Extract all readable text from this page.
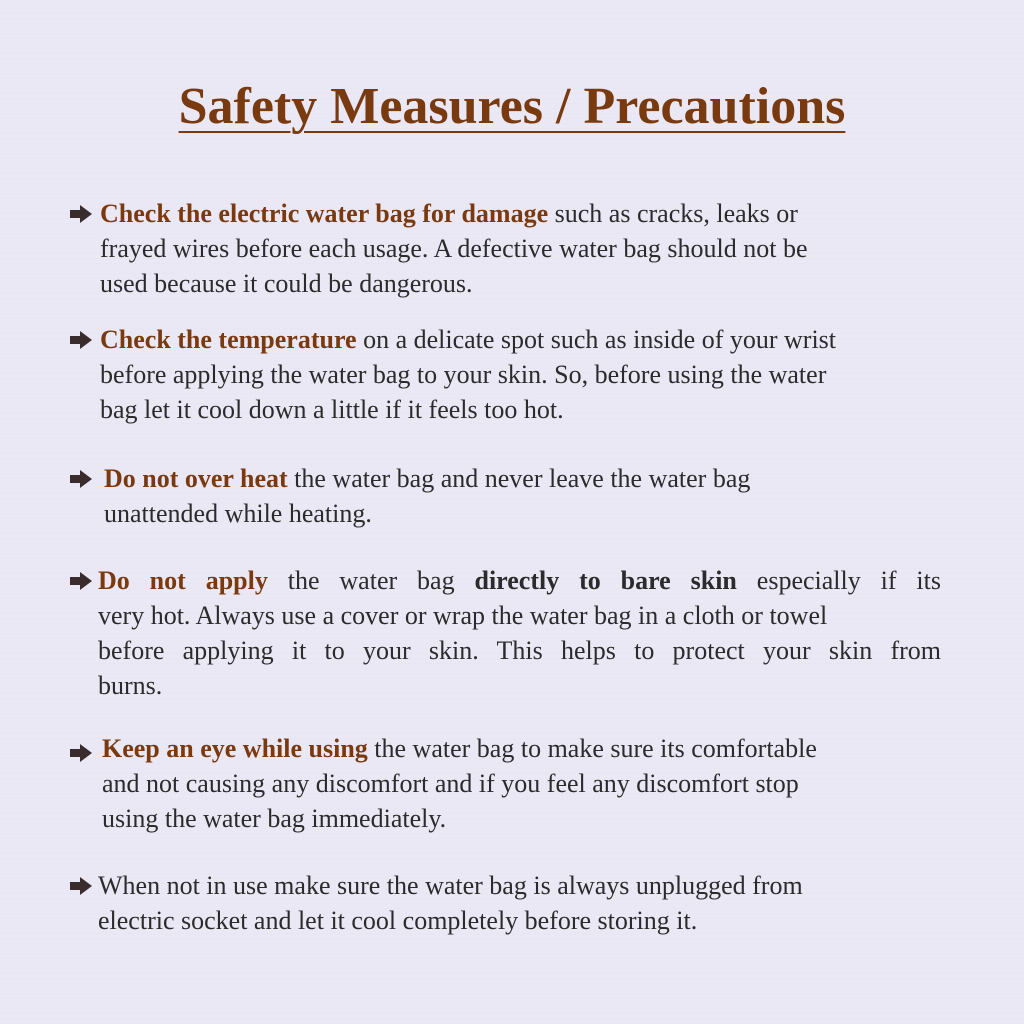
Safety Measures / Precautions
Check the electric water bag for damage such as cracks, leaks or
frayed wires before each usage. A defective water bag should not be
used because it could be dangerous.
Check the temperature on a delicate spot such as inside of your wrist
before applying the water bag to your skin. So, before using the water
bag let it cool down a little if it feels too hot.
Do not over heat the water bag and never leave the water bag
unattended while heating.
Do not apply the water bag directly to bare skin especially if its
very hot. Always use a cover or wrap the water bag in a cloth or towel
before applying it to your skin. This helps to protect your skin from
burns.
Keep an eye while using the water bag to make sure its comfortable
and not causing any discomfort and if you feel any discomfort stop
using the water bag immediately.
When not in use make sure the water bag is always unplugged from
electric socket and let it cool completely before storing it.
